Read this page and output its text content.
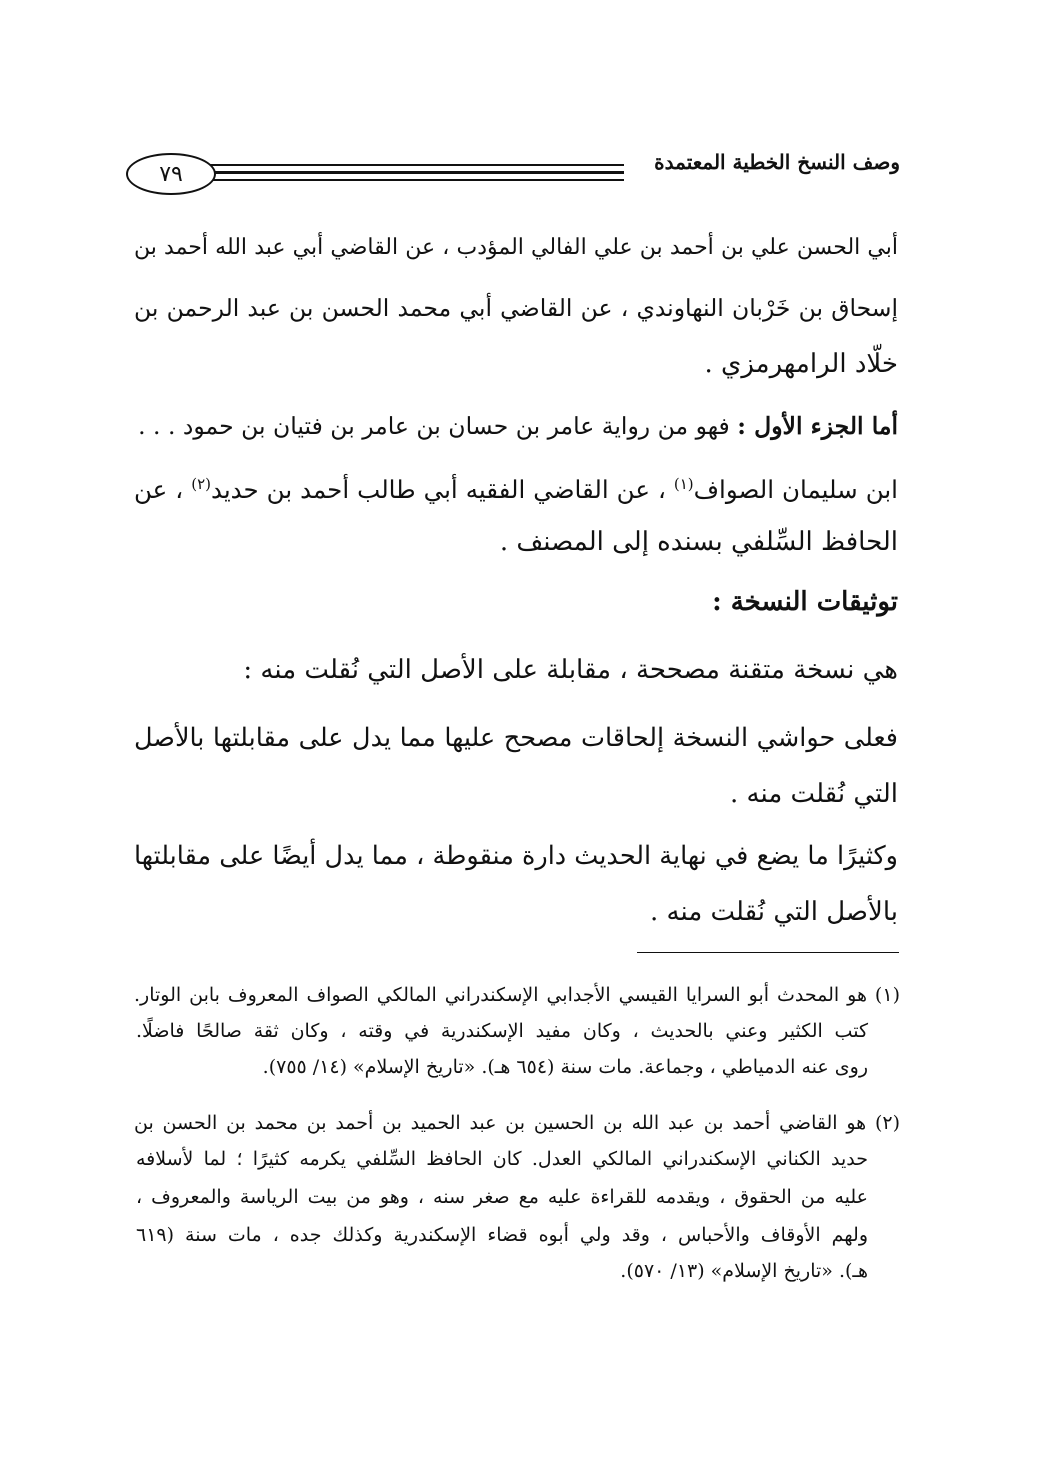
٧٩	وصف النسخ الخطية المعتمدة
أبي الحسن علي بن أحمد بن علي الفالي المؤدب ، عن القاضي أبي عبد الله أحمد بن
إسحاق بن خَرْبان النهاوندي ، عن القاضي أبي محمد الحسن بن عبد الرحمن بن
خلّاد الرامهرمزي .
أما الجزء الأول : فهو من رواية عامر بن حسان بن عامر بن فتيان بن حمود . . .
ابن سليمان الصواف$^{(١)}$ ، عن القاضي الفقيه أبي طالب أحمد بن حديد$^{(٢)}$ ، عن
الحافظ السِّلفي بسنده إلى المصنف .
توثيقات النسخة :
هي نسخة متقنة مصححة ، مقابلة على الأصل التي نُقلت منه :
فعلى حواشي النسخة إلحاقات مصحح عليها مما يدل على مقابلتها بالأصل
التي نُقلت منه .
وكثيرًا ما يضع في نهاية الحديث دارة منقوطة ، مما يدل أيضًا على مقابلتها
بالأصل التي نُقلت منه .
(١) هو المحدث أبو السرايا القيسي الأجدابي الإسكندراني المالكي الصواف المعروف بابن الوتار.
كتب الكثير وعني بالحديث ، وكان مفيد الإسكندرية في وقته ، وكان ثقة صالحًا فاضلًا.
روى عنه الدمياطي ، وجماعة. مات سنة (٦٥٤ هـ). «تاريخ الإسلام» (١٤/ ٧٥٥).
(٢) هو القاضي أحمد بن عبد الله بن الحسين بن عبد الحميد بن أحمد بن محمد بن الحسن بن
حديد الكناني الإسكندراني المالكي العدل. كان الحافظ السِّلفي يكرمه كثيرًا ؛ لما لأسلافه
عليه من الحقوق ، ويقدمه للقراءة عليه مع صغر سنه ، وهو من بيت الرياسة والمعروف ،
ولهم الأوقاف والأحباس ، وقد ولي أبوه قضاء الإسكندرية وكذلك جده ، مات سنة (٦١٩
هـ). «تاريخ الإسلام» (١٣/ ٥٧٠).
